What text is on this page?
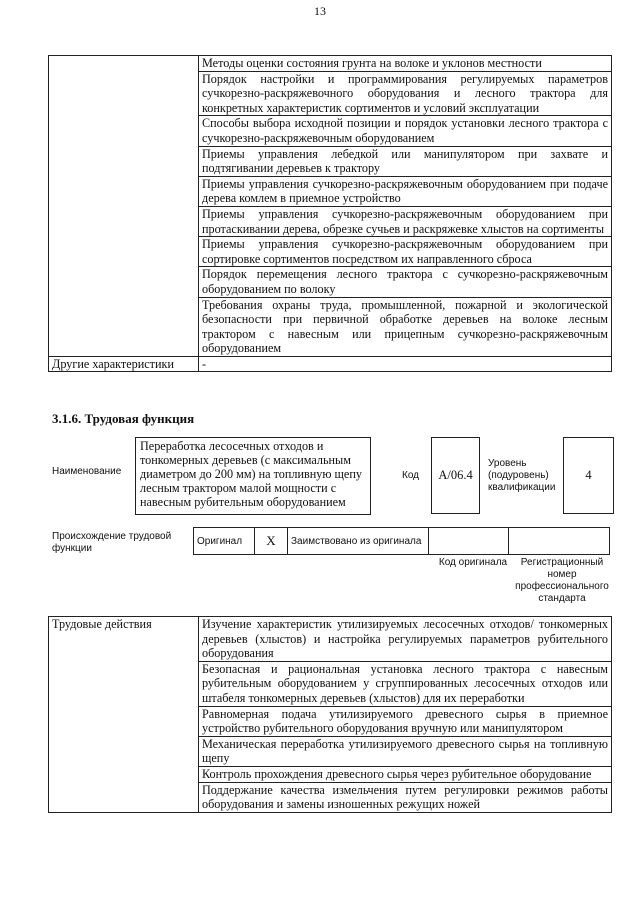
13
	Методы оценки состояния грунта на волоке и уклонов местности
	Порядок настройки и программирования регулируемых параметров сучкорезно-раскряжевочного оборудования и лесного трактора для конкретных характеристик сортиментов и условий эксплуатации
	Способы выбора исходной позиции и порядок установки лесного трактора с сучкорезно-раскряжевочным оборудованием
	Приемы управления лебедкой или манипулятором при захвате и подтягивании деревьев к трактору
	Приемы управления сучкорезно-раскряжевочным оборудованием при подаче дерева комлем в приемное устройство
	Приемы управления сучкорезно-раскряжевочным оборудованием при протаскивании дерева, обрезке сучьев и раскряжевке хлыстов на сортименты
	Приемы управления сучкорезно-раскряжевочным оборудованием при сортировке сортиментов посредством их направленного сброса
	Порядок перемещения лесного трактора с сучкорезно-раскряжевочным оборудованием по волоку
	Требования охраны труда, промышленной, пожарной и экологической безопасности при первичной обработке деревьев на волоке лесным трактором с навесным или прицепным сучкорезно-раскряжевочным оборудованием
Другие характеристики	-
3.1.6. Трудовая функция
Наименование
Переработка лесосечных отходов и тонкомерных деревьев (с максимальным диаметром до 200 мм) на топливную щепу лесным трактором малой мощности с навесным рубительным оборудованием
Код	A/06.4
Уровень (подуровень) квалификации
4
Происхождение трудовой функции
Оригинал	X	Заимствовано из оригинала		
Код оригинала	Регистрационный номер профессионального стандарта
Трудовые действия	Изучение характеристик утилизируемых лесосечных отходов/ тонкомерных деревьев (хлыстов) и настройка регулируемых параметров рубительного оборудования
Безопасная и рациональная установка лесного трактора с навесным рубительным оборудованием у сгруппированных лесосечных отходов или штабеля тонкомерных деревьев (хлыстов) для их переработки
Равномерная подача утилизируемого древесного сырья в приемное устройство рубительного оборудования вручную или манипулятором
Механическая переработка утилизируемого древесного сырья на топливную щепу
Контроль прохождения древесного сырья через рубительное оборудование
Поддержание качества измельчения путем регулировки режимов работы оборудования и замены изношенных режущих ножей
